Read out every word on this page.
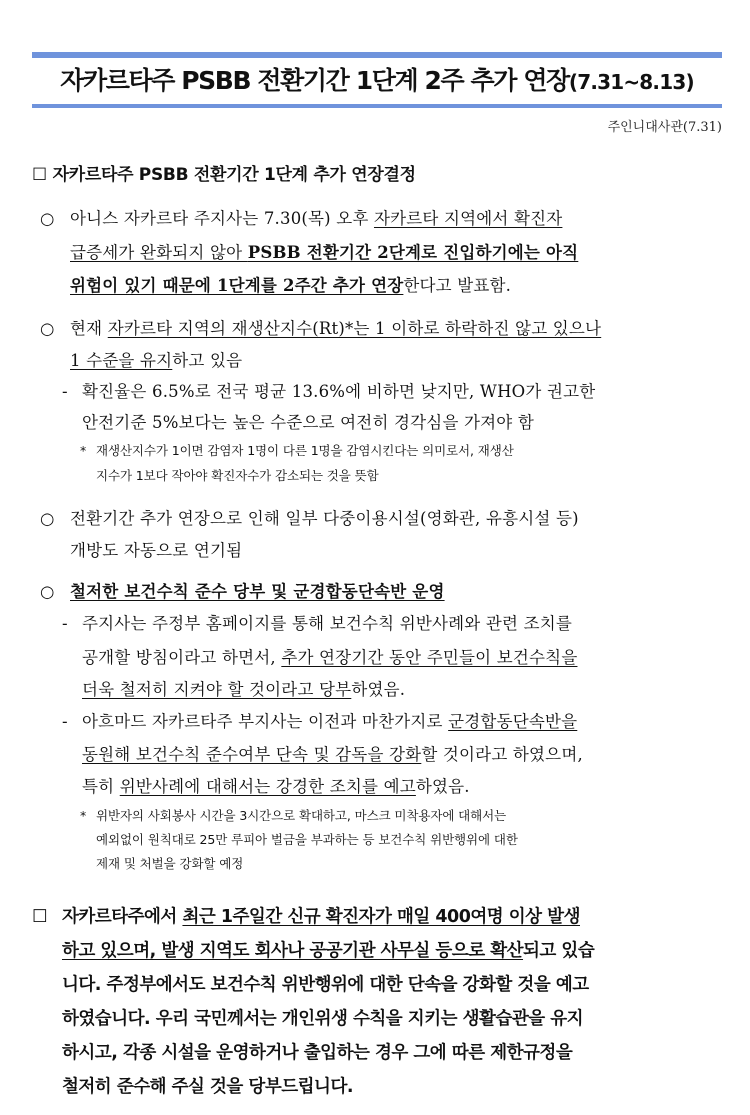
자카르타주 PSBB 전환기간 1단계 2주 추가 연장(7.31~8.13)
주인니대사관(7.31)
☐ 자카르타주 PSBB 전환기간 1단계 추가 연장결정
○ 아니스 자카르타 주지사는 7.30(목) 오후 자카르타 지역에서 확진자
급증세가 완화되지 않아 PSBB 전환기간 2단계로 진입하기에는 아직
위험이 있기 때문에 1단계를 2주간 추가 연장한다고 발표함.
○ 현재 자카르타 지역의 재생산지수(Rt)*는 1 이하로 하락하진 않고 있으나
1 수준을 유지하고 있음
- 확진율은 6.5%로 전국 평균 13.6%에 비하면 낮지만, WHO가 권고한
안전기준 5%보다는 높은 수준으로 여전히 경각심을 가져야 함
* 재생산지수가 1이면 감염자 1명이 다른 1명을 감염시킨다는 의미로서, 재생산
지수가 1보다 작아야 확진자수가 감소되는 것을 뜻함
○ 전환기간 추가 연장으로 인해 일부 다중이용시설(영화관, 유흥시설 등)
개방도 자동으로 연기됨
○ 철저한 보건수칙 준수 당부 및 군경합동단속반 운영
- 주지사는 주정부 홈페이지를 통해 보건수칙 위반사례와 관련 조치를
공개할 방침이라고 하면서, 추가 연장기간 동안 주민들이 보건수칙을
더욱 철저히 지켜야 할 것이라고 당부하였음.
- 아흐마드 자카르타주 부지사는 이전과 마찬가지로 군경합동단속반을
동원해 보건수칙 준수여부 단속 및 감독을 강화할 것이라고 하였으며,
특히 위반사례에 대해서는 강경한 조치를 예고하였음.
* 위반자의 사회봉사 시간을 3시간으로 확대하고, 마스크 미착용자에 대해서는
예외없이 원칙대로 25만 루피아 벌금을 부과하는 등 보건수칙 위반행위에 대한
제재 및 처벌을 강화할 예정
☐ 자카르타주에서 최근 1주일간 신규 확진자가 매일 400여명 이상 발생
하고 있으며, 발생 지역도 회사나 공공기관 사무실 등으로 확산되고 있습
니다. 주정부에서도 보건수칙 위반행위에 대한 단속을 강화할 것을 예고
하였습니다. 우리 국민께서는 개인위생 수칙을 지키는 생활습관을 유지
하시고, 각종 시설을 운영하거나 출입하는 경우 그에 따른 제한규정을
철저히 준수해 주실 것을 당부드립니다.
